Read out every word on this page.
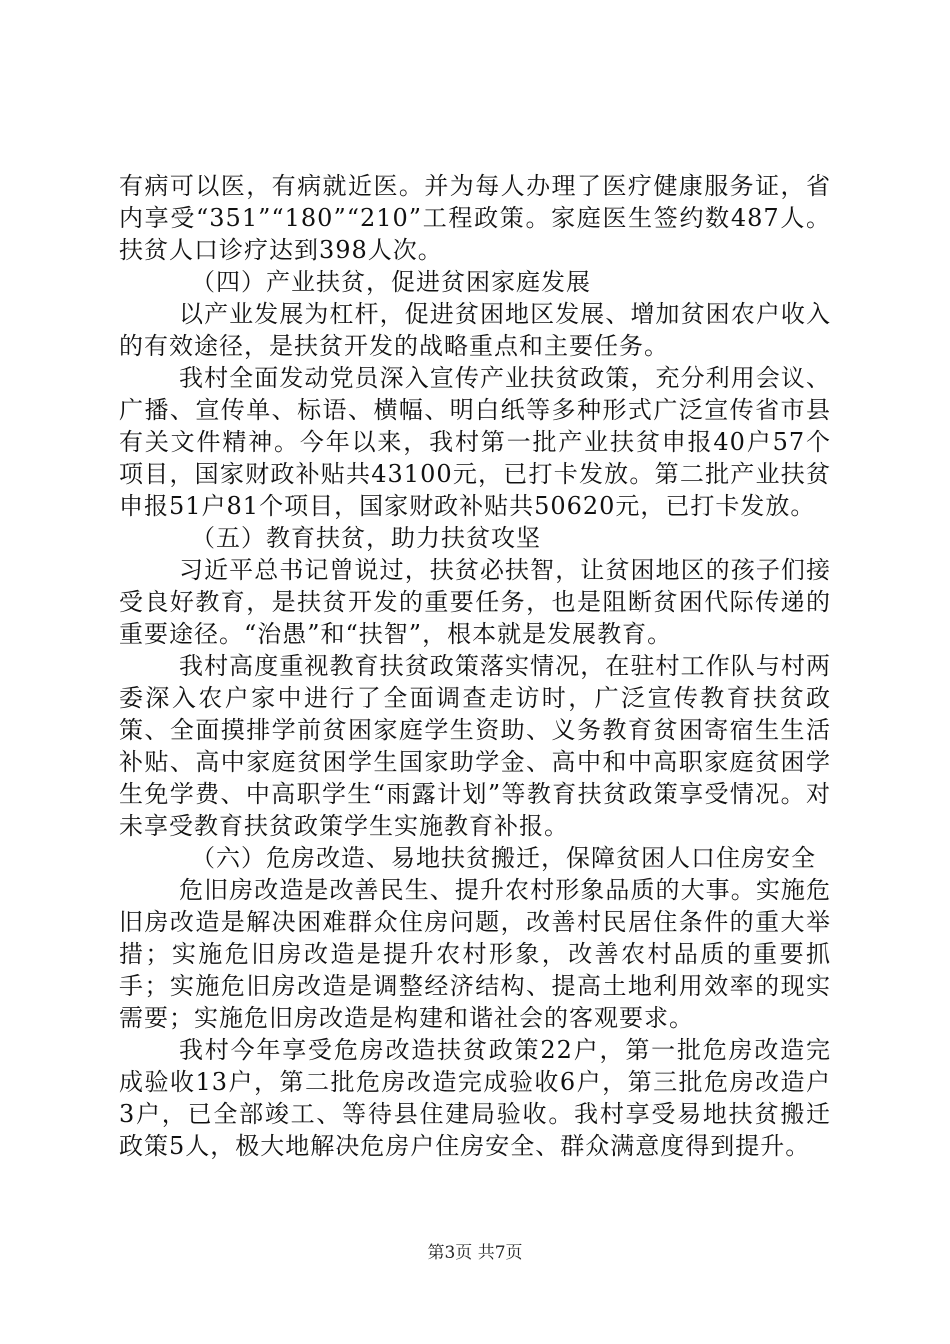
有病可以医，有病就近医。并为每人办理了医疗健康服务证，省内享受“351”“180”“210”工程政策。家庭医生签约数487人。扶贫人口诊疗达到398人次。

（四）产业扶贫，促进贫困家庭发展

以产业发展为杠杆，促进贫困地区发展、增加贫困农户收入的有效途径，是扶贫开发的战略重点和主要任务。

我村全面发动党员深入宣传产业扶贫政策，充分利用会议、广播、宣传单、标语、横幅、明白纸等多种形式广泛宣传省市县有关文件精神。今年以来，我村第一批产业扶贫申报40户57个项目，国家财政补贴共43100元，已打卡发放。第二批产业扶贫申报51户81个项目，国家财政补贴共50620元，已打卡发放。

（五）教育扶贫，助力扶贫攻坚

习近平总书记曾说过，扶贫必扶智，让贫困地区的孩子们接受良好教育，是扶贫开发的重要任务，也是阻断贫困代际传递的重要途径。“治愚”和“扶智”，根本就是发展教育。

我村高度重视教育扶贫政策落实情况，在驻村工作队与村两委深入农户家中进行了全面调查走访时，广泛宣传教育扶贫政策、全面摸排学前贫困家庭学生资助、义务教育贫困寄宿生生活补贴、高中家庭贫困学生国家助学金、高中和中高职家庭贫困学生免学费、中高职学生“雨露计划”等教育扶贫政策享受情况。对未享受教育扶贫政策学生实施教育补报。

（六）危房改造、易地扶贫搬迁，保障贫困人口住房安全

危旧房改造是改善民生、提升农村形象品质的大事。实施危旧房改造是解决困难群众住房问题，改善村民居住条件的重大举措；实施危旧房改造是提升农村形象，改善农村品质的重要抓手；实施危旧房改造是调整经济结构、提高土地利用效率的现实需要；实施危旧房改造是构建和谐社会的客观要求。

我村今年享受危房改造扶贫政策22户，第一批危房改造完成验收13户，第二批危房改造完成验收6户，第三批危房改造户3户，已全部竣工、等待县住建局验收。我村享受易地扶贫搬迁政策5人，极大地解决危房户住房安全、群众满意度得到提升。

第3页 共7页
